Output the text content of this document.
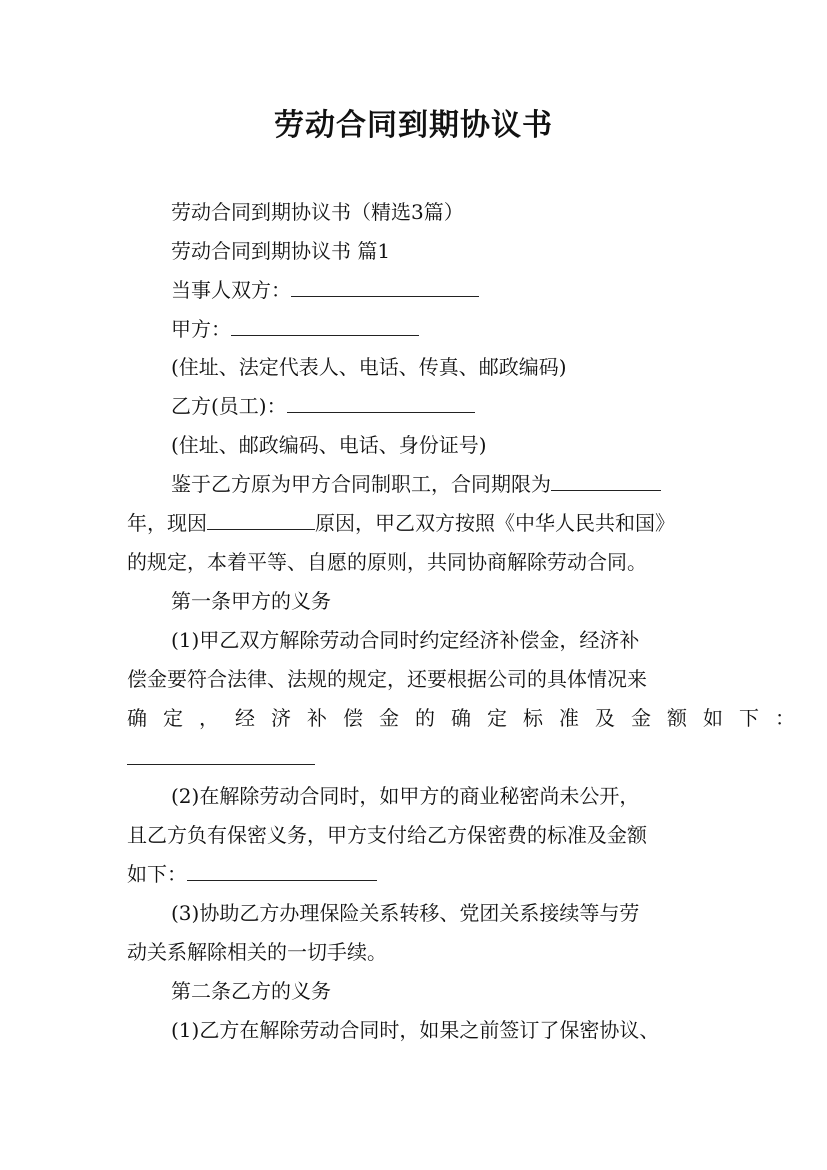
劳动合同到期协议书

劳动合同到期协议书（精选3篇）

劳动合同到期协议书 篇1

当事人双方：

甲方：

(住址、法定代表人、电话、传真、邮政编码)

乙方(员工)：

(住址、邮政编码、电话、身份证号)

鉴于乙方原为甲方合同制职工，合同期限为

年，现因	原因，甲乙双方按照《中华人民共和国》

的规定，本着平等、自愿的原则，共同协商解除劳动合同。

第一条甲方的义务

(1)甲乙双方解除劳动合同时约定经济补偿金，经济补

偿金要符合法律、法规的规定，还要根据公司的具体情况来

确定，经济补偿金的确定标准及金额如下：

(2)在解除劳动合同时，如甲方的商业秘密尚未公开，

且乙方负有保密义务，甲方支付给乙方保密费的标准及金额

如下：

(3)协助乙方办理保险关系转移、党团关系接续等与劳

动关系解除相关的一切手续。

第二条乙方的义务

(1)乙方在解除劳动合同时，如果之前签订了保密协议、
